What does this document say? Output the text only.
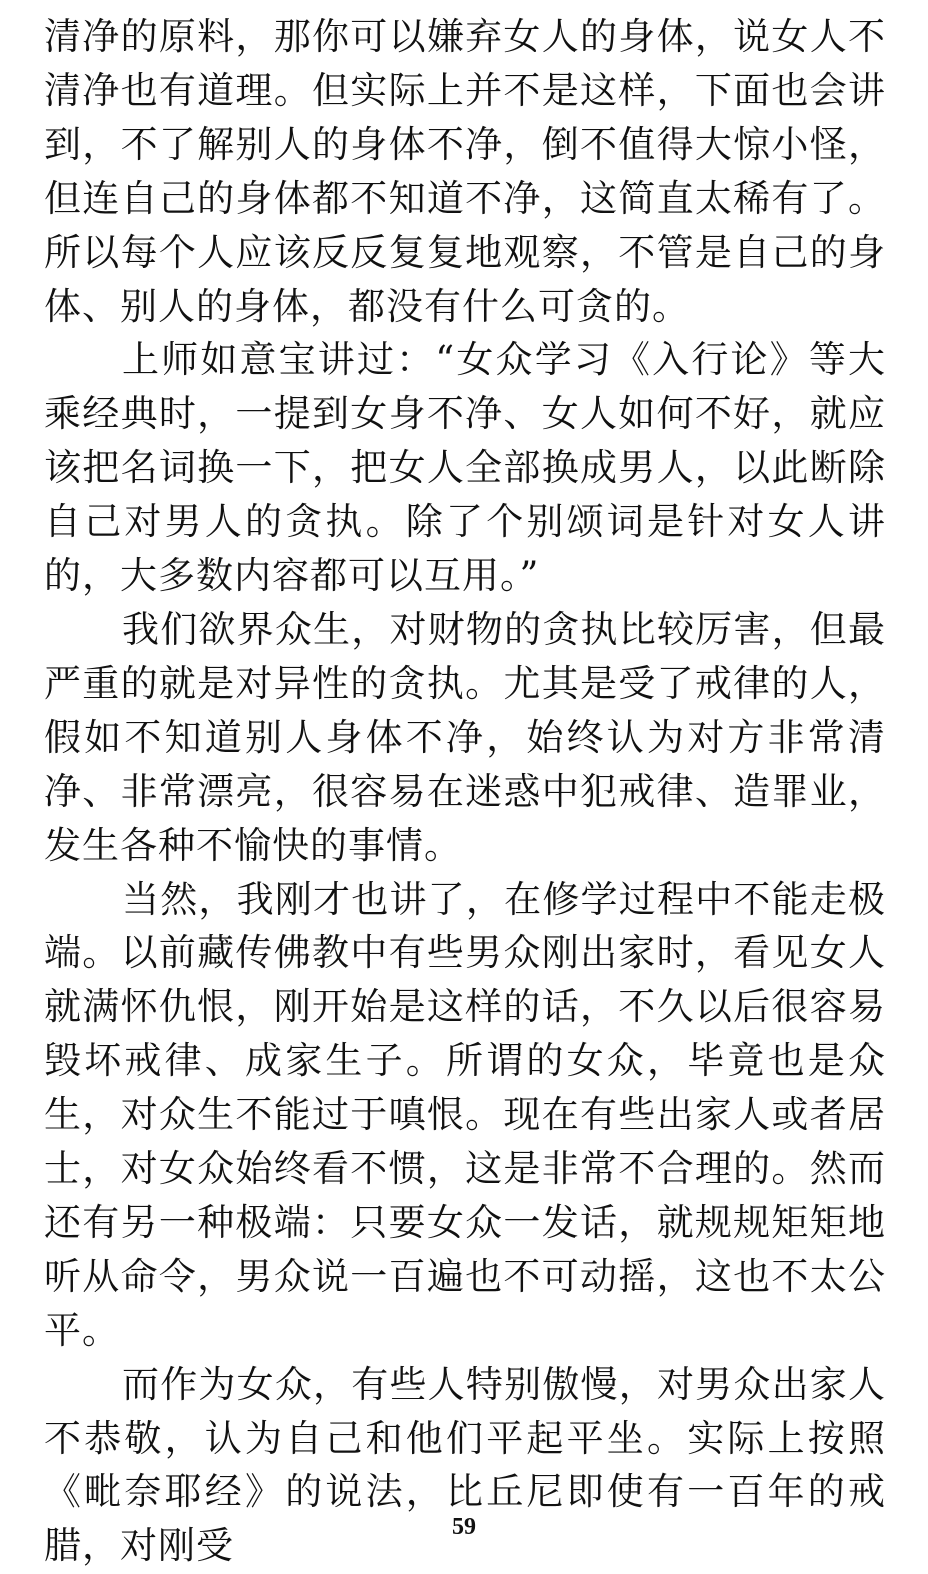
清净的原料，那你可以嫌弃女人的身体，说女人不清净也有道理。但实际上并不是这样，下面也会讲到，不了解别人的身体不净，倒不值得大惊小怪，但连自己的身体都不知道不净，这简直太稀有了。所以每个人应该反反复复地观察，不管是自己的身体、别人的身体，都没有什么可贪的。

上师如意宝讲过：“女众学习《入行论》等大乘经典时，一提到女身不净、女人如何不好，就应该把名词换一下，把女人全部换成男人，以此断除自己对男人的贪执。除了个别颂词是针对女人讲的，大多数内容都可以互用。”

我们欲界众生，对财物的贪执比较厉害，但最严重的就是对异性的贪执。尤其是受了戒律的人，假如不知道别人身体不净，始终认为对方非常清净、非常漂亮，很容易在迷惑中犯戒律、造罪业，发生各种不愉快的事情。

当然，我刚才也讲了，在修学过程中不能走极端。以前藏传佛教中有些男众刚出家时，看见女人就满怀仇恨，刚开始是这样的话，不久以后很容易毁坏戒律、成家生子。所谓的女众，毕竟也是众生，对众生不能过于嗔恨。现在有些出家人或者居士，对女众始终看不惯，这是非常不合理的。然而还有另一种极端：只要女众一发话，就规规矩矩地听从命令，男众说一百遍也不可动摇，这也不太公平。

而作为女众，有些人特别傲慢，对男众出家人不恭敬，认为自己和他们平起平坐。实际上按照《毗奈耶经》的说法，比丘尼即使有一百年的戒腊，对刚受	59
